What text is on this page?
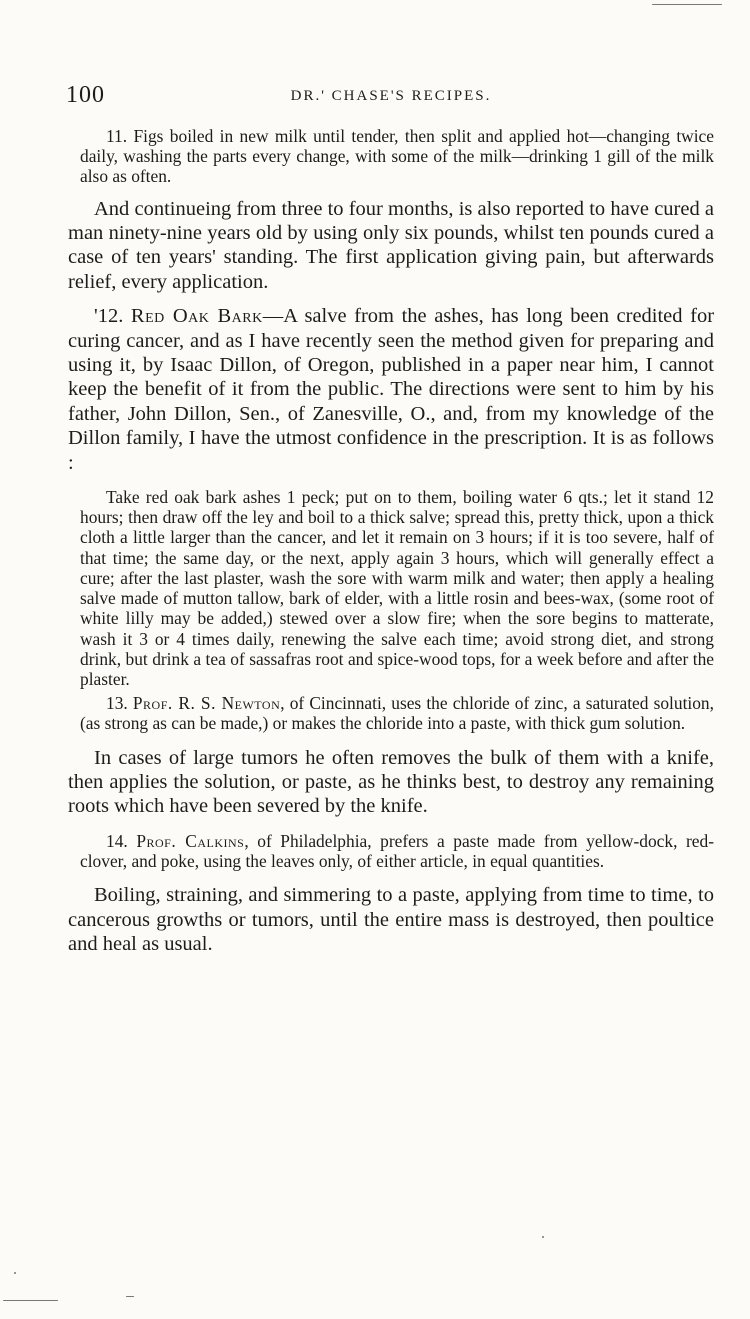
100	DR.' CHASE'S RECIPES.

11. Figs boiled in new milk until tender, then split and applied hot—changing twice daily, washing the parts every change, with some of the milk—drinking 1 gill of the milk also as often.

And continueing from three to four months, is also reported to have cured a man ninety-nine years old by using only six pounds, whilst ten pounds cured a case of ten years' standing. The first application giving pain, but afterwards relief, every application.

'12. Red Oak Bark—A salve from the ashes, has long been credited for curing cancer, and as I have recently seen the method given for preparing and using it, by Isaac Dillon, of Oregon, published in a paper near him, I cannot keep the benefit of it from the public. The directions were sent to him by his father, John Dillon, Sen., of Zanesville, O., and, from my knowledge of the Dillon family, I have the utmost confidence in the prescription. It is as follows :

Take red oak bark ashes 1 peck; put on to them, boiling water 6 qts.; let it stand 12 hours; then draw off the ley and boil to a thick salve; spread this, pretty thick, upon a thick cloth a little larger than the cancer, and let it remain on 3 hours; if it is too severe, half of that time; the same day, or the next, apply again 3 hours, which will generally effect a cure; after the last plaster, wash the sore with warm milk and water; then apply a healing salve made of mutton tallow, bark of elder, with a little rosin and bees-wax, (some root of white lilly may be added,) stewed over a slow fire; when the sore begins to matterate, wash it 3 or 4 times daily, renewing the salve each time; avoid strong diet, and strong drink, but drink a tea of sassafras root and spice-wood tops, for a week before and after the plaster.

13. Prof. R. S. Newton, of Cincinnati, uses the chloride of zinc, a saturated solution, (as strong as can be made,) or makes the chloride into a paste, with thick gum solution.

In cases of large tumors he often removes the bulk of them with a knife, then applies the solution, or paste, as he thinks best, to destroy any remaining roots which have been severed by the knife.

14. Prof. Calkins, of Philadelphia, prefers a paste made from yellow-dock, red-clover, and poke, using the leaves only, of either article, in equal quantities.

Boiling, straining, and simmering to a paste, applying from time to time, to cancerous growths or tumors, until the entire mass is destroyed, then poultice and heal as usual.
